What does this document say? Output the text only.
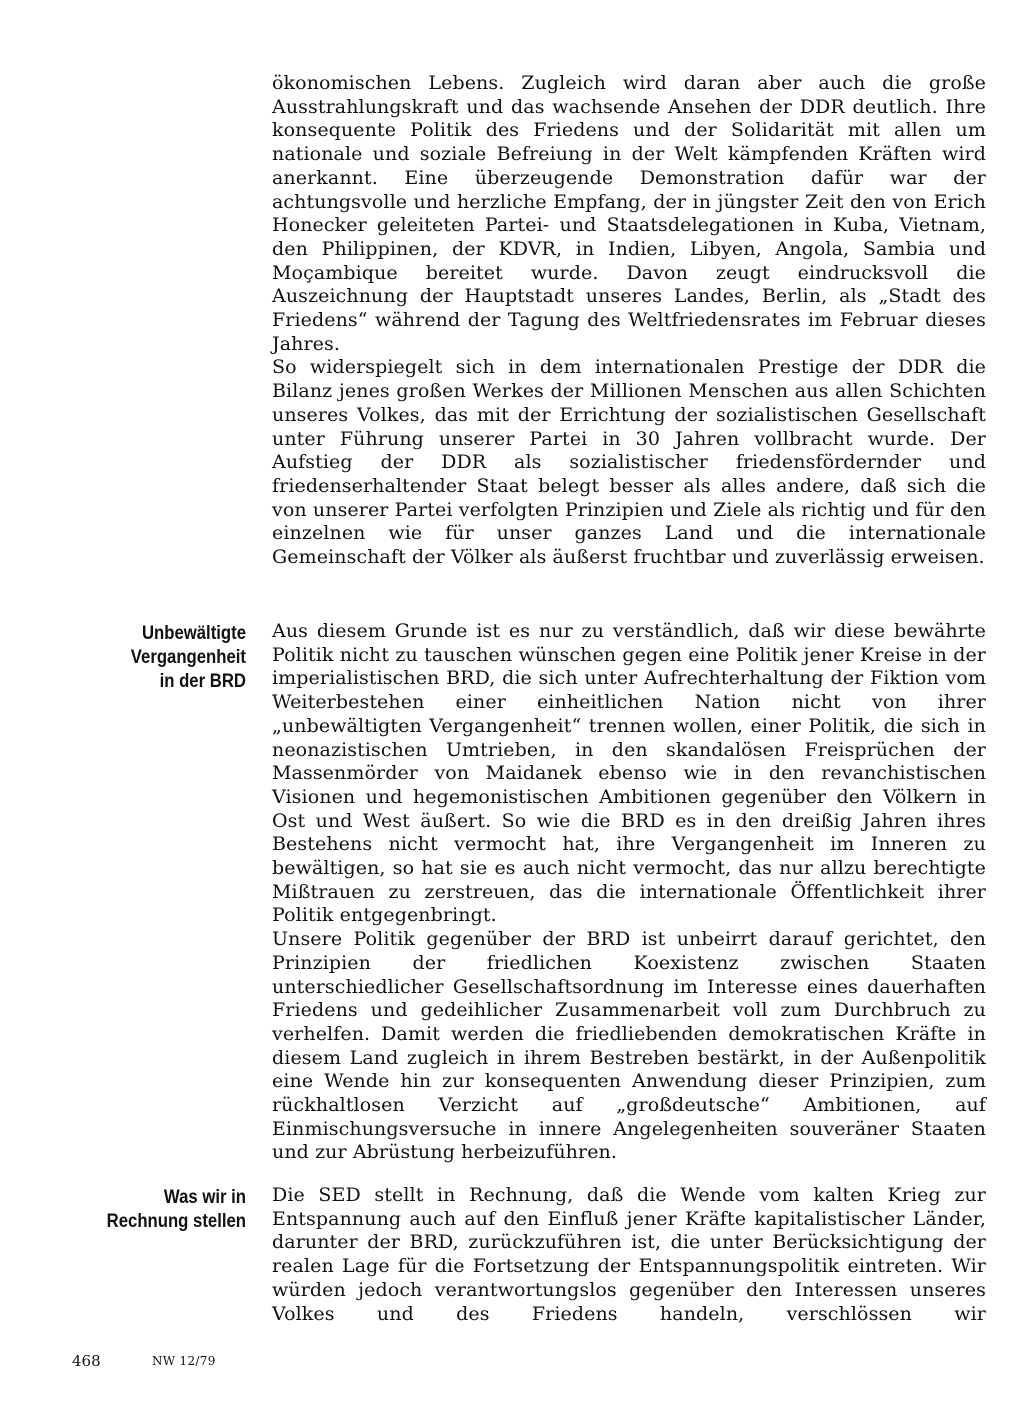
ökonomischen Lebens. Zugleich wird daran aber auch die große Ausstrahlungskraft und das wachsende Ansehen der DDR deutlich. Ihre konsequente Politik des Friedens und der Solidarität mit allen um nationale und soziale Befreiung in der Welt kämpfenden Kräften wird anerkannt. Eine überzeugende Demonstration dafür war der achtungsvolle und herzliche Empfang, der in jüngster Zeit den von Erich Honecker geleiteten Partei- und Staatsdelegationen in Kuba, Vietnam, den Philippinen, der KDVR, in Indien, Libyen, Angola, Sambia und Moçambique bereitet wurde. Davon zeugt eindrucksvoll die Auszeichnung der Hauptstadt unseres Landes, Berlin, als „Stadt des Friedens“ während der Tagung des Weltfriedensrates im Februar dieses Jahres.

So widerspiegelt sich in dem internationalen Prestige der DDR die Bilanz jenes großen Werkes der Millionen Menschen aus allen Schichten unseres Volkes, das mit der Errichtung der sozialistischen Gesellschaft unter Führung unserer Partei in 30 Jahren vollbracht wurde. Der Aufstieg der DDR als sozialistischer friedensfördernder und friedenserhaltender Staat belegt besser als alles andere, daß sich die von unserer Partei verfolgten Prinzipien und Ziele als richtig und für den einzelnen wie für unser ganzes Land und die internationale Gemeinschaft der Völker als äußerst fruchtbar und zuverlässig erweisen.

Unbewältigte
Vergangenheit
in der BRD

Aus diesem Grunde ist es nur zu verständlich, daß wir diese bewährte Politik nicht zu tauschen wünschen gegen eine Politik jener Kreise in der imperialistischen BRD, die sich unter Aufrechterhaltung der Fiktion vom Weiterbestehen einer einheitlichen Nation nicht von ihrer „unbewältigten Vergangenheit“ trennen wollen, einer Politik, die sich in neonazistischen Umtrieben, in den skandalösen Freisprüchen der Massenmörder von Maidanek ebenso wie in den revanchistischen Visionen und hegemonistischen Ambitionen gegenüber den Völkern in Ost und West äußert. So wie die BRD es in den dreißig Jahren ihres Bestehens nicht vermocht hat, ihre Vergangenheit im Inneren zu bewältigen, so hat sie es auch nicht vermocht, das nur allzu berechtigte Mißtrauen zu zerstreuen, das die internationale Öffentlichkeit ihrer Politik entgegenbringt.

Unsere Politik gegenüber der BRD ist unbeirrt darauf gerichtet, den Prinzipien der friedlichen Koexistenz zwischen Staaten unterschiedlicher Gesellschaftsordnung im Interesse eines dauerhaften Friedens und gedeihlicher Zusammenarbeit voll zum Durchbruch zu verhelfen. Damit werden die friedliebenden demokratischen Kräfte in diesem Land zugleich in ihrem Bestreben bestärkt, in der Außenpolitik eine Wende hin zur konsequenten Anwendung dieser Prinzipien, zum rückhaltlosen Verzicht auf „großdeutsche“ Ambitionen, auf Einmischungsversuche in innere Angelegenheiten souveräner Staaten und zur Abrüstung herbeizuführen.

Was wir in
Rechnung stellen

Die SED stellt in Rechnung, daß die Wende vom kalten Krieg zur Entspannung auch auf den Einfluß jener Kräfte kapitalistischer Länder, darunter der BRD, zurückzuführen ist, die unter Berücksichtigung der realen Lage für die Fortsetzung der Entspannungspolitik eintreten. Wir würden jedoch verantwortungslos gegenüber den Interessen unseres Volkes und des Friedens handeln, verschlössen wir

468	NW 12/79
